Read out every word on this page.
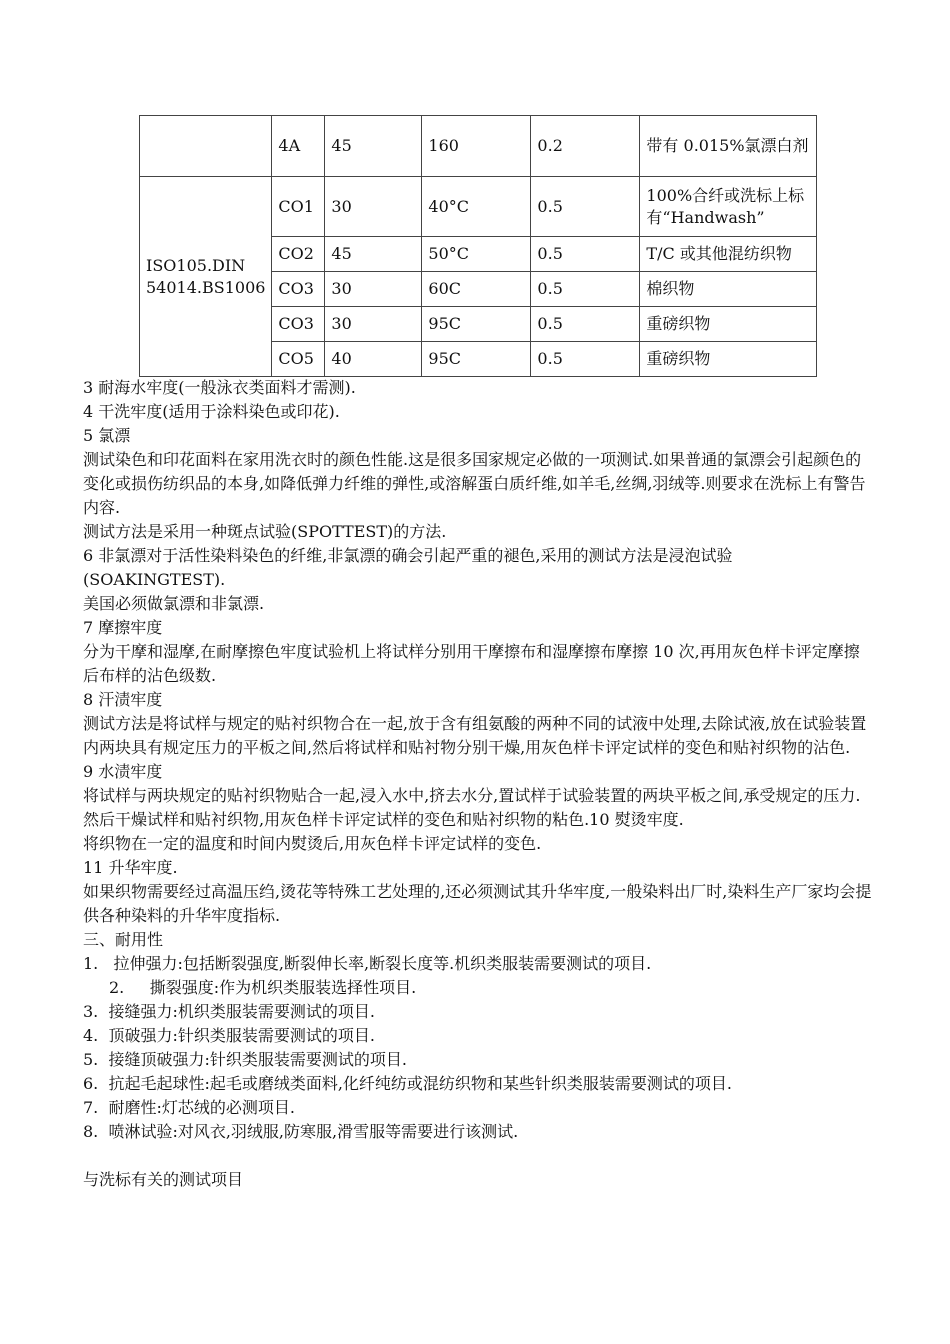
	4A	45	160	0.2	带有 0.015%氯漂白剂
ISO105.DIN 54014.BS1006	CO1	30	40°C	0.5	100%合纤或洗标上标有“Handwash”
	CO2	45	50°C	0.5	T/C 或其他混纺织物

	CO3	30	60C	0.5	棉织物
	CO3	30	95C	0.5	重磅织物
	CO5	40	95C	0.5	重磅织物

3 耐海水牢度(一般泳衣类面料才需测).

4 干洗牢度(适用于涂料染色或印花).

5 氯漂

测试染色和印花面料在家用洗衣时的颜色性能.这是很多国家规定必做的一项测试.如果普通的氯漂会引起颜色的变化或损伤纺织品的本身,如降低弹力纤维的弹性,或溶解蛋白质纤维,如羊毛,丝绸,羽绒等.则要求在洗标上有警告内容.

测试方法是采用一种斑点试验(SPOTTEST)的方法.

6 非氯漂对于活性染料染色的纤维,非氯漂的确会引起严重的褪色,采用的测试方法是浸泡试验(SOAKINGTEST).

美国必须做氯漂和非氯漂.

7 摩擦牢度

分为干摩和湿摩,在耐摩擦色牢度试验机上将试样分别用干摩擦布和湿摩擦布摩擦 10 次,再用灰色样卡评定摩擦后布样的沾色级数.

8 汗渍牢度

测试方法是将试样与规定的贴衬织物合在一起,放于含有组氨酸的两种不同的试液中处理,去除试液,放在试验装置内两块具有规定压力的平板之间,然后将试样和贴衬物分别干燥,用灰色样卡评定试样的变色和贴衬织物的沾色.

9 水渍牢度

将试样与两块规定的贴衬织物贴合一起,浸入水中,挤去水分,置试样于试验装置的两块平板之间,承受规定的压力.然后干燥试样和贴衬织物,用灰色样卡评定试样的变色和贴衬织物的粘色.10 熨烫牢度.

将织物在一定的温度和时间内熨烫后,用灰色样卡评定试样的变色.

11 升华牢度.

如果织物需要经过高温压绉,烫花等特殊工艺处理的,还必须测试其升华牢度,一般染料出厂时,染料生产厂家均会提供各种染料的升华牢度指标.

三、耐用性

1.   拉伸强力:包括断裂强度,断裂伸长率,断裂长度等.机织类服装需要测试的项目.

2.     撕裂强度:作为机织类服装选择性项目.

3.  接缝强力:机织类服装需要测试的项目.

4.  顶破强力:针织类服装需要测试的项目.

5.  接缝顶破强力:针织类服装需要测试的项目.

6.  抗起毛起球性:起毛或磨绒类面料,化纤纯纺或混纺织物和某些针织类服装需要测试的项目.

7.  耐磨性:灯芯绒的必测项目.

8.  喷淋试验:对风衣,羽绒服,防寒服,滑雪服等需要进行该测试.

与洗标有关的测试项目
